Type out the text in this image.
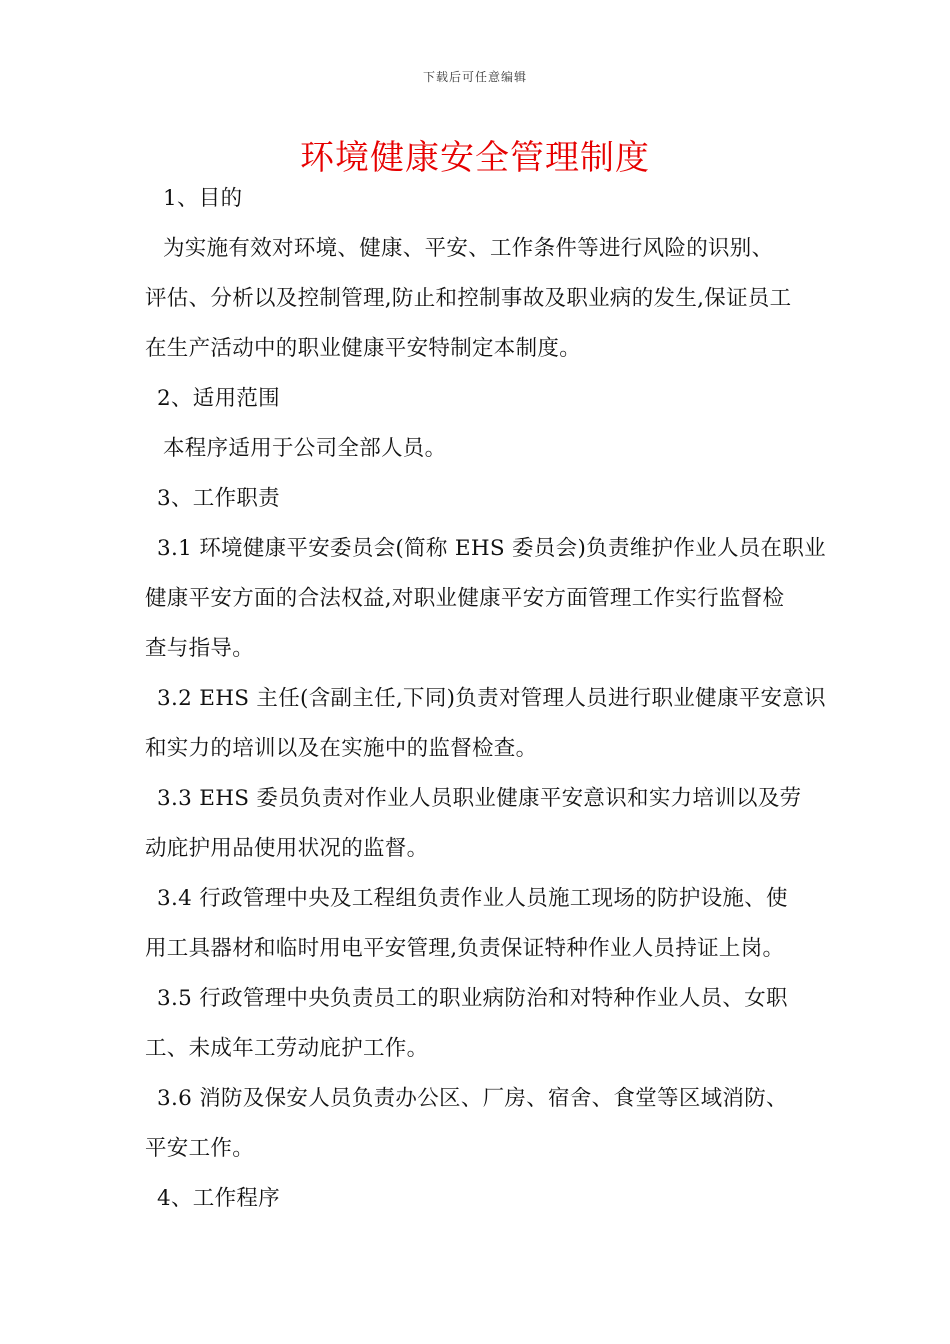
下载后可任意编辑
环境健康安全管理制度
1、目的
为实施有效对环境、健康、平安、工作条件等进行风险的识别、
评估、分析以及控制管理,防止和控制事故及职业病的发生,保证员工
在生产活动中的职业健康平安特制定本制度。
2、适用范围
本程序适用于公司全部人员。
3、工作职责
3.1 环境健康平安委员会(简称 EHS 委员会)负责维护作业人员在职业
健康平安方面的合法权益,对职业健康平安方面管理工作实行监督检
查与指导。
3.2 EHS 主任(含副主任,下同)负责对管理人员进行职业健康平安意识
和实力的培训以及在实施中的监督检查。
3.3 EHS 委员负责对作业人员职业健康平安意识和实力培训以及劳
动庇护用品使用状况的监督。
3.4 行政管理中央及工程组负责作业人员施工现场的防护设施、使
用工具器材和临时用电平安管理,负责保证特种作业人员持证上岗。
3.5 行政管理中央负责员工的职业病防治和对特种作业人员、女职
工、未成年工劳动庇护工作。
3.6 消防及保安人员负责办公区、厂房、宿舍、食堂等区域消防、
平安工作。
4、工作程序
